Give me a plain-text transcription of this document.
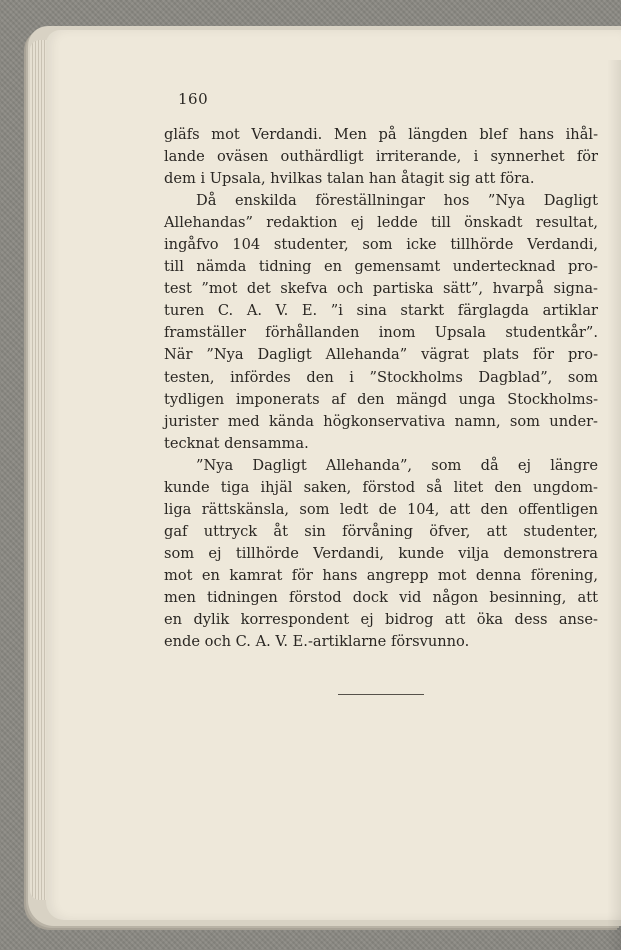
160
gläfs mot Verdandi. Men på längden blef hans ihål-
lande oväsen outhärdligt irriterande, i synnerhet för
dem i Upsala, hvilkas talan han åtagit sig att föra.
Då enskilda föreställningar hos ”Nya Dagligt
Allehandas” redaktion ej ledde till önskadt resultat,
ingåfvo 104 studenter, som icke tillhörde Verdandi,
till nämda tidning en gemensamt undertecknad pro-
test ”mot det skefva och partiska sätt”, hvarpå signa-
turen C. A. V. E. ”i sina starkt färglagda artiklar
framställer förhållanden inom Upsala studentkår”.
När ”Nya Dagligt Allehanda” vägrat plats för pro-
testen, infördes den i ”Stockholms Dagblad”, som
tydligen imponerats af den mängd unga Stockholms-
jurister med kända högkonservativa namn, som under-
tecknat densamma.
”Nya Dagligt Allehanda”, som då ej längre
kunde tiga ihjäl saken, förstod så litet den ungdom-
liga rättskänsla, som ledt de 104, att den offentligen
gaf uttryck åt sin förvåning öfver, att studenter,
som ej tillhörde Verdandi, kunde vilja demonstrera
mot en kamrat för hans angrepp mot denna förening,
men tidningen förstod dock vid någon besinning, att
en dylik korrespondent ej bidrog att öka dess anse-
ende och C. A. V. E.-artiklarne försvunno.
